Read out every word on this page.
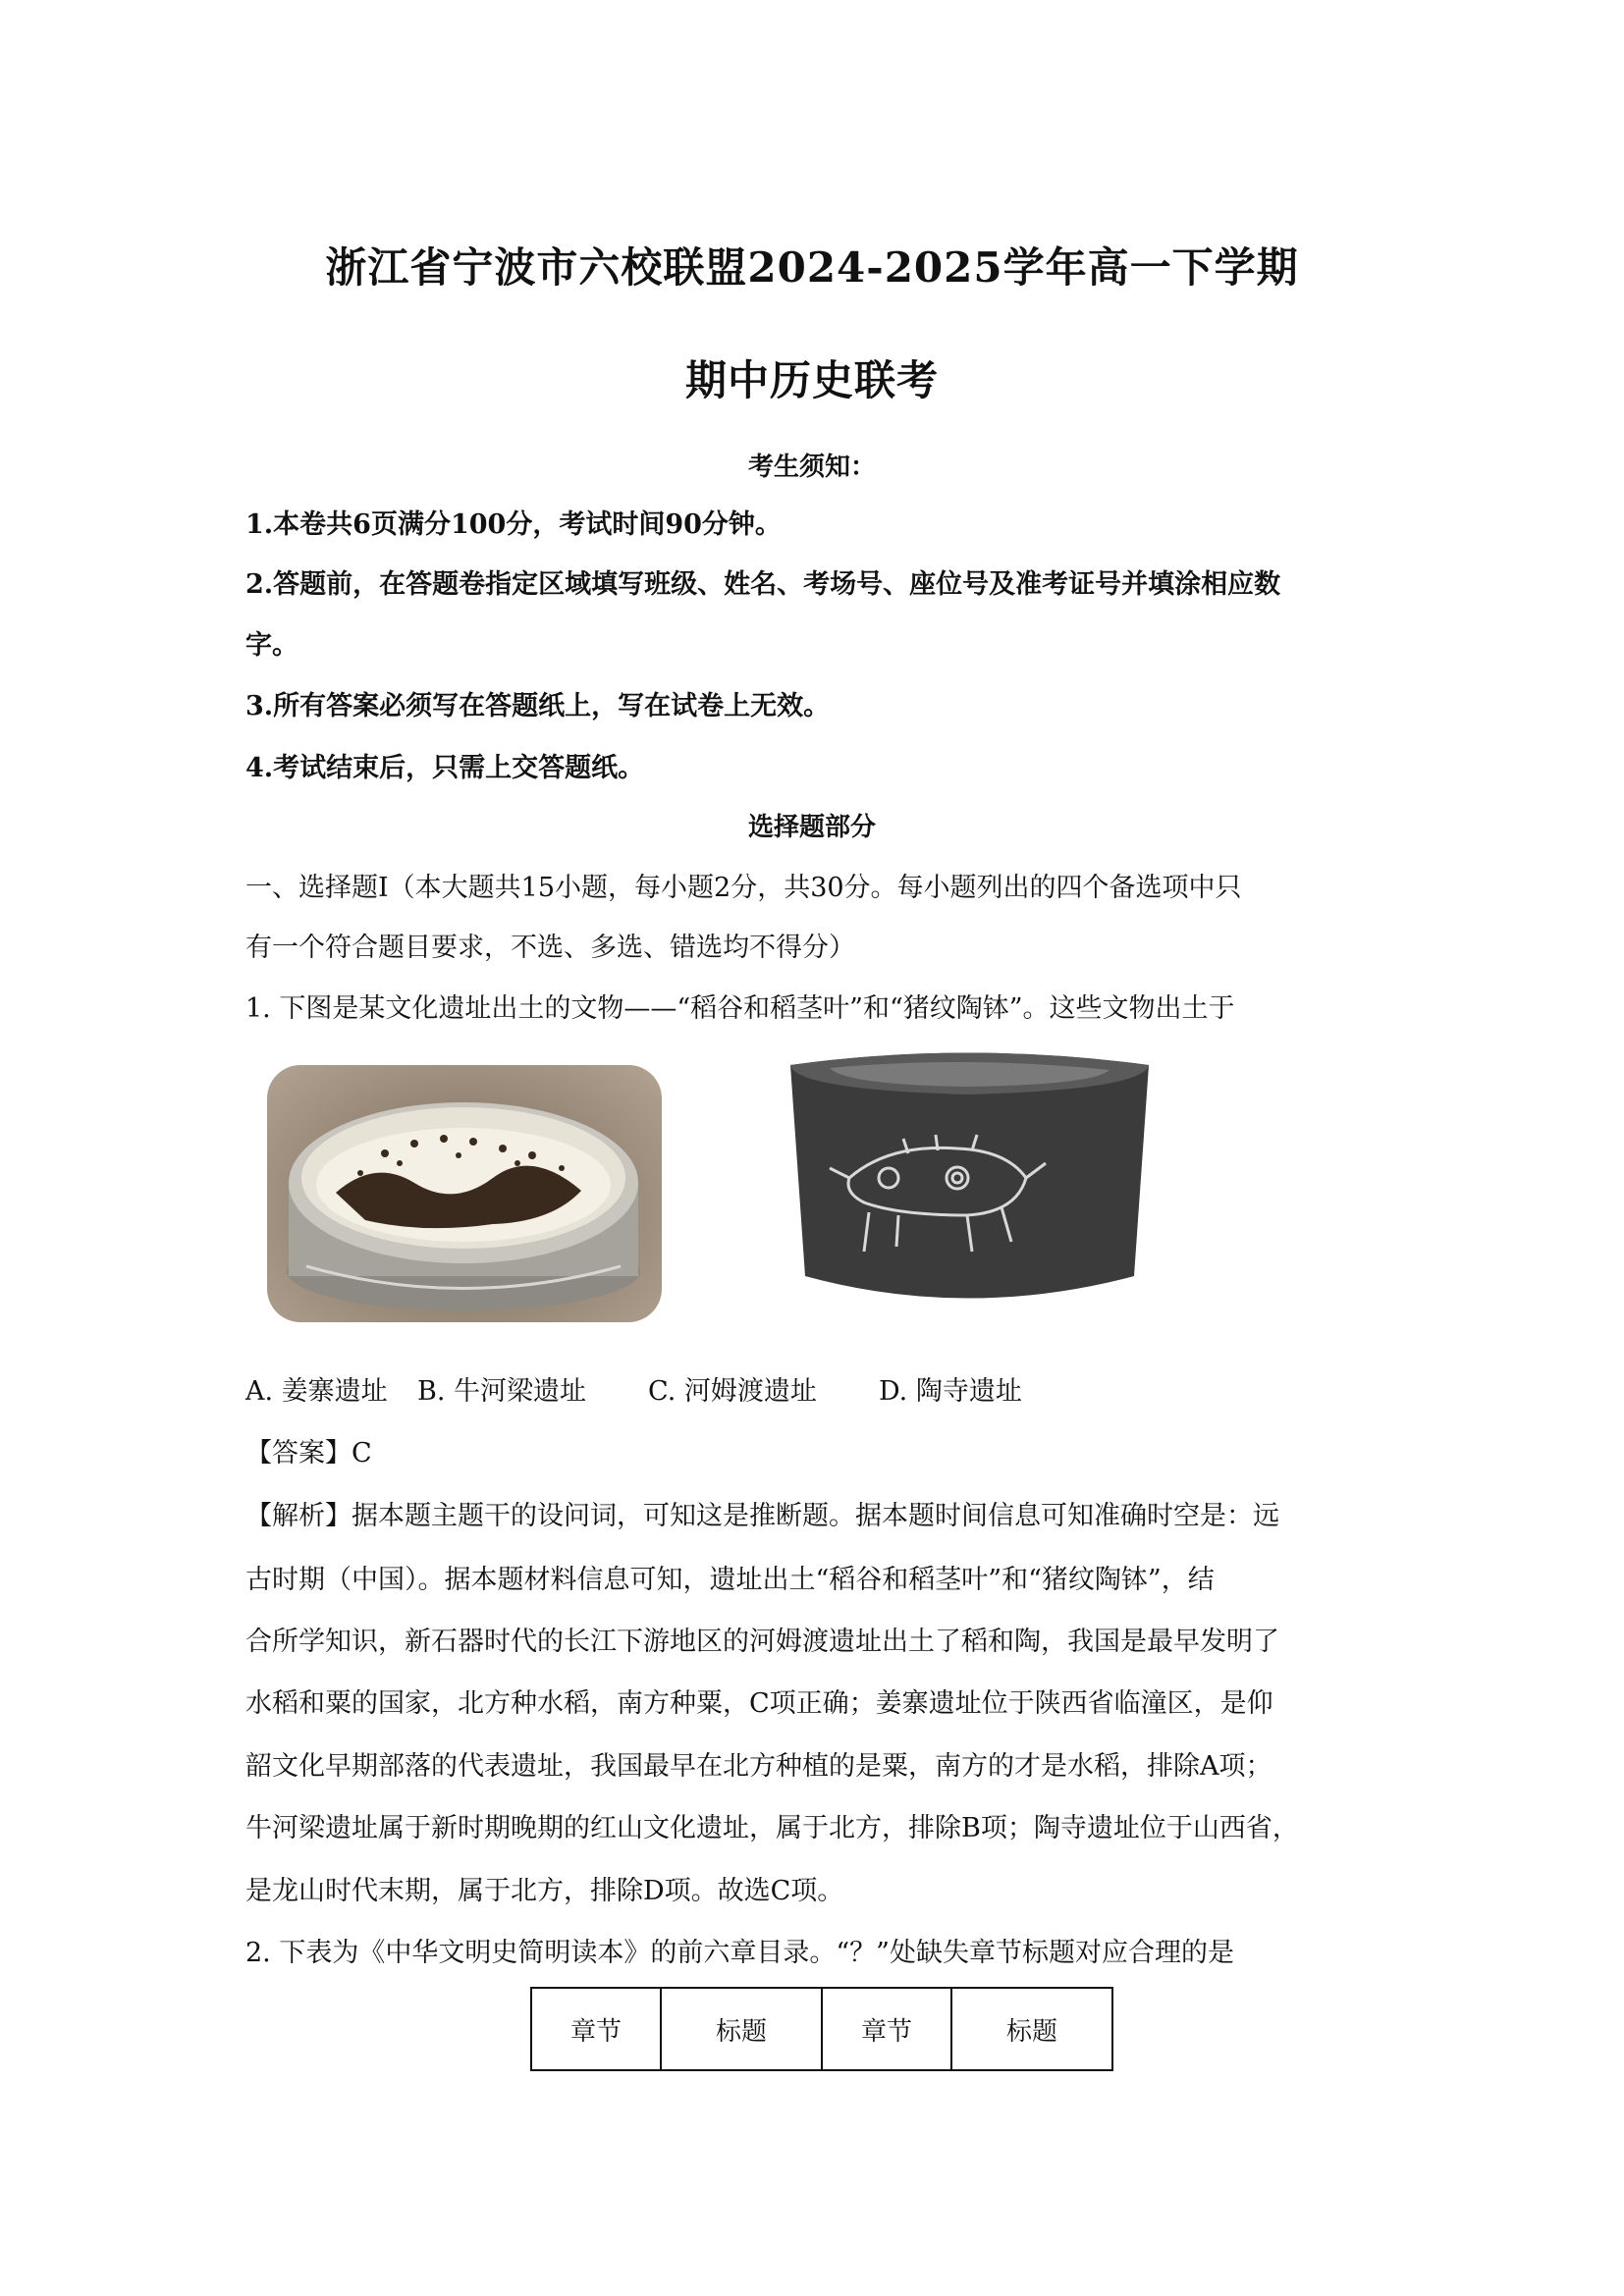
浙江省宁波市六校联盟2024-2025学年高一下学期
期中历史联考
考生须知：
1.本卷共6页满分100分，考试时间90分钟。
2.答题前，在答题卷指定区域填写班级、姓名、考场号、座位号及准考证号并填涂相应数
字。
3.所有答案必须写在答题纸上，写在试卷上无效。
4.考试结束后，只需上交答题纸。
选择题部分
一、选择题Ⅰ（本大题共15小题，每小题2分，共30分。每小题列出的四个备选项中只
有一个符合题目要求，不选、多选、错选均不得分）
1. 下图是某文化遗址出土的文物——“稻谷和稻茎叶”和“猪纹陶钵”。这些文物出土于
A. 姜寨遗址 B. 牛河梁遗址 C. 河姆渡遗址 D. 陶寺遗址
【答案】C
【解析】据本题主题干的设问词，可知这是推断题。据本题时间信息可知准确时空是：远
古时期（中国）。据本题材料信息可知，遗址出土“稻谷和稻茎叶”和“猪纹陶钵”，结
合所学知识，新石器时代的长江下游地区的河姆渡遗址出土了稻和陶，我国是最早发明了
水稻和粟的国家，北方种水稻，南方种粟，C项正确；姜寨遗址位于陕西省临潼区，是仰
韶文化早期部落的代表遗址，我国最早在北方种植的是粟，南方的才是水稻，排除A项；
牛河梁遗址属于新时期晚期的红山文化遗址，属于北方，排除B项；陶寺遗址位于山西省，
是龙山时代末期，属于北方，排除D项。故选C项。
2. 下表为《中华文明史简明读本》的前六章目录。“？”处缺失章节标题对应合理的是
章节	标题	章节	标题
